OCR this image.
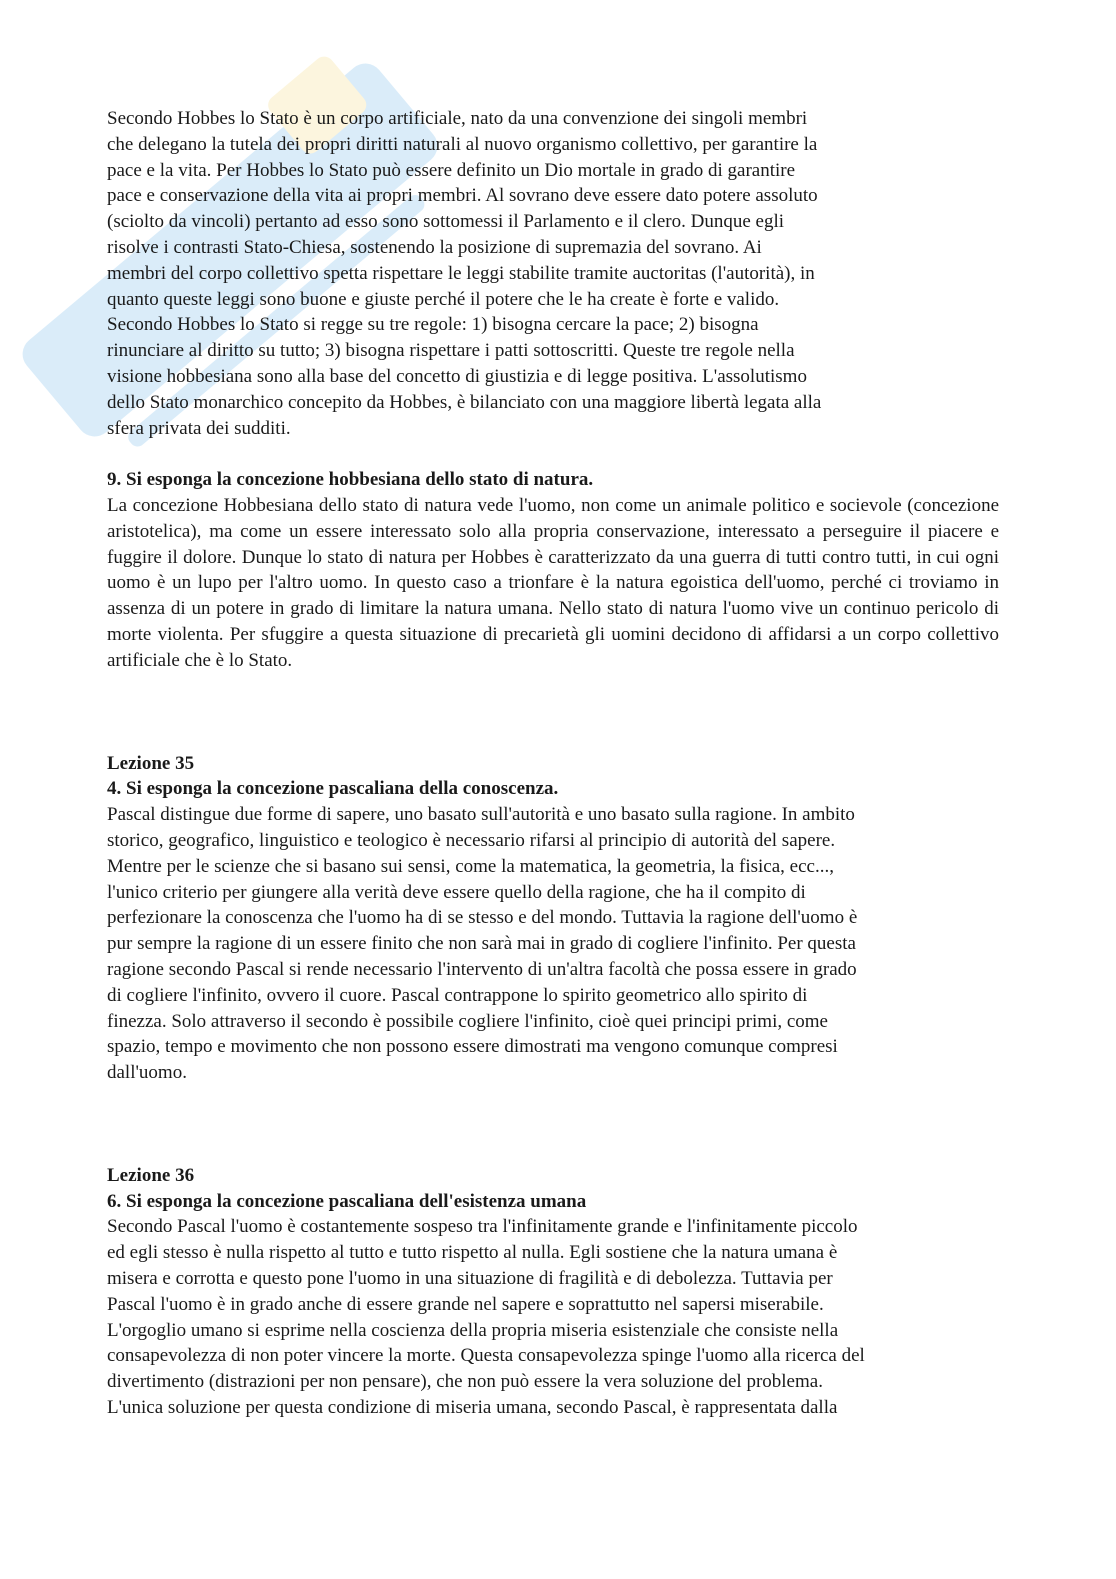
Secondo Hobbes lo Stato è un corpo artificiale, nato da una convenzione dei singoli membri
che delegano la tutela dei propri diritti naturali al nuovo organismo collettivo, per garantire la
pace e la vita. Per Hobbes lo Stato può essere definito un Dio mortale in grado di garantire
pace e conservazione della vita ai propri membri. Al sovrano deve essere dato potere assoluto
(sciolto da vincoli) pertanto ad esso sono sottomessi il Parlamento e il clero. Dunque egli
risolve i contrasti Stato-Chiesa, sostenendo la posizione di supremazia del sovrano. Ai
membri del corpo collettivo spetta rispettare le leggi stabilite tramite auctoritas (l'autorità), in
quanto queste leggi sono buone e giuste perché il potere che le ha create è forte e valido.
Secondo Hobbes lo Stato si regge su tre regole: 1) bisogna cercare la pace; 2) bisogna
rinunciare al diritto su tutto; 3) bisogna rispettare i patti sottoscritti. Queste tre regole nella
visione hobbesiana sono alla base del concetto di giustizia e di legge positiva. L'assolutismo
dello Stato monarchico concepito da Hobbes, è bilanciato con una maggiore libertà legata alla
sfera privata dei sudditi.

9. Si esponga la concezione hobbesiana dello stato di natura.

La concezione Hobbesiana dello stato di natura vede l'uomo, non come un animale politico e socievole (concezione aristotelica), ma come un essere interessato solo alla propria conservazione, interessato a perseguire il piacere e fuggire il dolore. Dunque lo stato di natura per Hobbes è caratterizzato da una guerra di tutti contro tutti, in cui ogni uomo è un lupo per l'altro uomo. In questo caso a trionfare è la natura egoistica dell'uomo, perché ci troviamo in assenza di un potere in grado di limitare la natura umana. Nello stato di natura l'uomo vive un continuo pericolo di morte violenta. Per sfuggire a questa situazione di precarietà gli uomini decidono di affidarsi a un corpo collettivo artificiale che è lo Stato.

Lezione 35

4. Si esponga la concezione pascaliana della conoscenza.

Pascal distingue due forme di sapere, uno basato sull'autorità e uno basato sulla ragione. In ambito
storico, geografico, linguistico e teologico è necessario rifarsi al principio di autorità del sapere.
Mentre per le scienze che si basano sui sensi, come la matematica, la geometria, la fisica, ecc...,
l'unico criterio per giungere alla verità deve essere quello della ragione, che ha il compito di
perfezionare la conoscenza che l'uomo ha di se stesso e del mondo. Tuttavia la ragione dell'uomo è
pur sempre la ragione di un essere finito che non sarà mai in grado di cogliere l'infinito. Per questa
ragione secondo Pascal si rende necessario l'intervento di un'altra facoltà che possa essere in grado
di cogliere l'infinito, ovvero il cuore. Pascal contrappone lo spirito geometrico allo spirito di
finezza. Solo attraverso il secondo è possibile cogliere l'infinito, cioè quei principi primi, come
spazio, tempo e movimento che non possono essere dimostrati ma vengono comunque compresi
dall'uomo.

Lezione 36

6. Si esponga la concezione pascaliana dell'esistenza umana

Secondo Pascal l'uomo è costantemente sospeso tra l'infinitamente grande e l'infinitamente piccolo
ed egli stesso è nulla rispetto al tutto e tutto rispetto al nulla. Egli sostiene che la natura umana è
misera e corrotta e questo pone l'uomo in una situazione di fragilità e di debolezza. Tuttavia per
Pascal l'uomo è in grado anche di essere grande nel sapere e soprattutto nel sapersi miserabile.
L'orgoglio umano si esprime nella coscienza della propria miseria esistenziale che consiste nella
consapevolezza di non poter vincere la morte. Questa consapevolezza spinge l'uomo alla ricerca del
divertimento (distrazioni per non pensare), che non può essere la vera soluzione del problema.
L'unica soluzione per questa condizione di miseria umana, secondo Pascal, è rappresentata dalla
